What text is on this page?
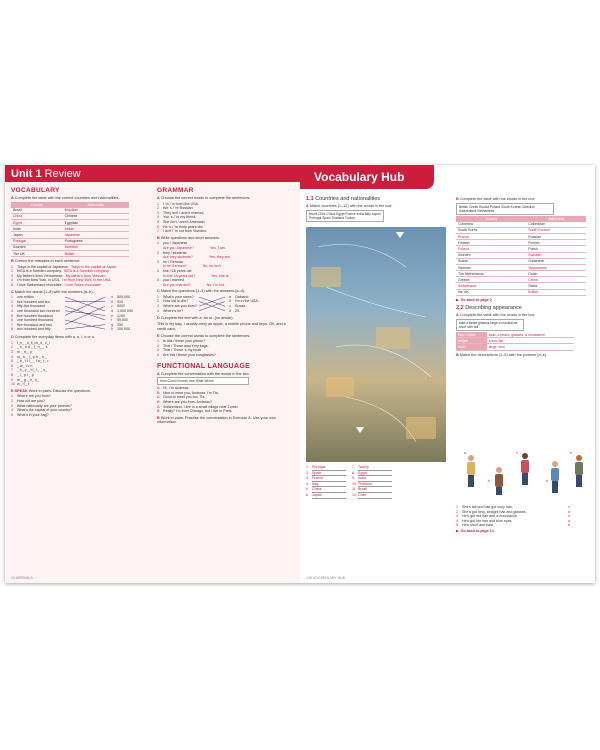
Unit 1 Review
VOCABULARY
A Complete the table with the correct countries and nationalities.
Country	Nationality
Brazil	Brazilian
China	Chinese
Egypt	Egyptian
India	Indian
Japan	Japanese
Portugal	Portuguese
Sweden	Swedish
The UK	British
B Correct the mistakes in each sentence.
1	Tokyo is the capital of Japanese. Tokyo is the capital of Japan.
2	IKEA is a Sweden company. IKEA is a Swedish company.
3	My father's from Vietnamese. My father's from Vietnam.
4	I'm from New York, in USA. I'm from New York, in the USA.
5	I love Switzerland chocolate. I love Swiss chocolate!
C Match the words (1–8) with the numbers (a–h).
1	one million
2	five hundred and ten
3	fifty-five thousand
4	one thousand two hundred
5	five hundred thousand
6	one hundred thousand
7	five thousand and two
8	two hundred and fifty
a	500,000
b	510
c	5002
d	1,000,000
e	1200
f	55,000
g	250
h	100,000
D Complete the everyday items with a, e, i, o or u.
1	f_n_ _s_ll_ch_n_ c_l
2	_ s_ n d _ l_ n_ _ s
3	m _ n _ y
4	m_ b _ l_ p h _ n _
5	_ b_ t t l_ _ f w_ t_ r
6	_ w_ t c h
7	_ k_ y _ f l_ t_ _ s_
8	_ l_ p t _ p
9	m _ g _ z_ n_
10 w_ l l_ t
E SPEAK Work in pairs. Discuss the questions.
1	Where are you from?
2	How old are you?
3	What nationality are your parents?
4	What's the capital of your country?
5	What's in your bag?
GRAMMAR
A Choose the correct words to complete the sentences.
1	I 'm / 'm from the USA.
2	We 's / 're Russian.
3	They isn't / aren't married.
4	You 's / 're my friend.
5	She isn't / aren't American.
6	He 's / 're thirty years old.
7	I isn't / 'm not from Sweden.
B Write questions and short answers.
1	you / Japanese
Are you Japanese?	Yes, I am.
2	they / students
Are they students?	Yes, they are.
3	he / German
Is he German?	No, he isn't.
4	she / 18 years old
Is she 18 years old?	Yes, she is.
5	you / married
Are you married?	No, I'm not.
C Match the questions (1–4) with the answers (a–d).
1	What's your name?
2	How old is she?
3	Where are you from?
4	Where's he?
a	Oakland
b	I'm in the USA.
c	Susan.
d	29.
D Complete the text with a, an or -(no article).
This is my bag. I usually carry an apple, a mobile phone and keys. Oh, and a credit card.
E Choose the correct words to complete the sentences.
1	Is this / these your phone?
2	That / Those aren't my bags.
3	That / Those 's my book.
4	Are this / these your sunglasses?
FUNCTIONAL LANGUAGE
A Complete the conversation with the words in the box.
from Good Hi meet nice What Where
A: Hi , I'm Andreas.
B: Nice to meet you, Andreas. I'm Tia.
A: Good to meet you too, Tia.
B: Where are you from, Andreas?
A: Switzerland. I live in a small village near Zurich.
B: Really? I'm from Chicago, but I live in Paris.
B Work in pairs. Practise the conversation in Exercise A. Use your own information.
10 ARRIVALS
Vocabulary Hub
1.1 Countries and nationalities
A Match countries (1–12) with the words in the box.
Brazil Chile China Egypt France India Italy Japan Portugal Spain Thailand Turkey
1	Portugal
2	Spain
3	France
4	Italy
5	China
6	Japan
7	Turkey
8	Egypt
9	India
10 Thailand
11 Brazil
12 Chile
B Complete the table with the words in the box.
British Greek Russia Poland South Korean Swedish Switzerland Vietnamese
Country	Nationality
Colombia	Colombian
South Korea	South Korean
Russia	Russian
Finland	Finnish
Poland	Polish
Sweden	Swedish
Sudan	Sudanese
Vietnam	Vietnamese
The Netherlands	Dutch
Greece	Greek
Switzerland	Swiss
the UK	British
▶ Go back to page 2
2.2 Describing appearance
A Complete the table with the words in the box.
bald a beard glasses large a moustache short slim tall
face / head	bald, a beard, glasses, a moustache
height	short, tall
build	large, slim
B Match the descriptions (1–5) with the pictures (a–e).
a	c	e
b	d
1	She's tall and has got curly hair.	c
2	She's got long, straight hair and glasses.	d
3	He's got red hair and a moustache.	e
4	He's got fair hair and blue eyes.	a
5	He's short and bald.	b
▶ Go back to page 14
136 VOCABULARY HUB
